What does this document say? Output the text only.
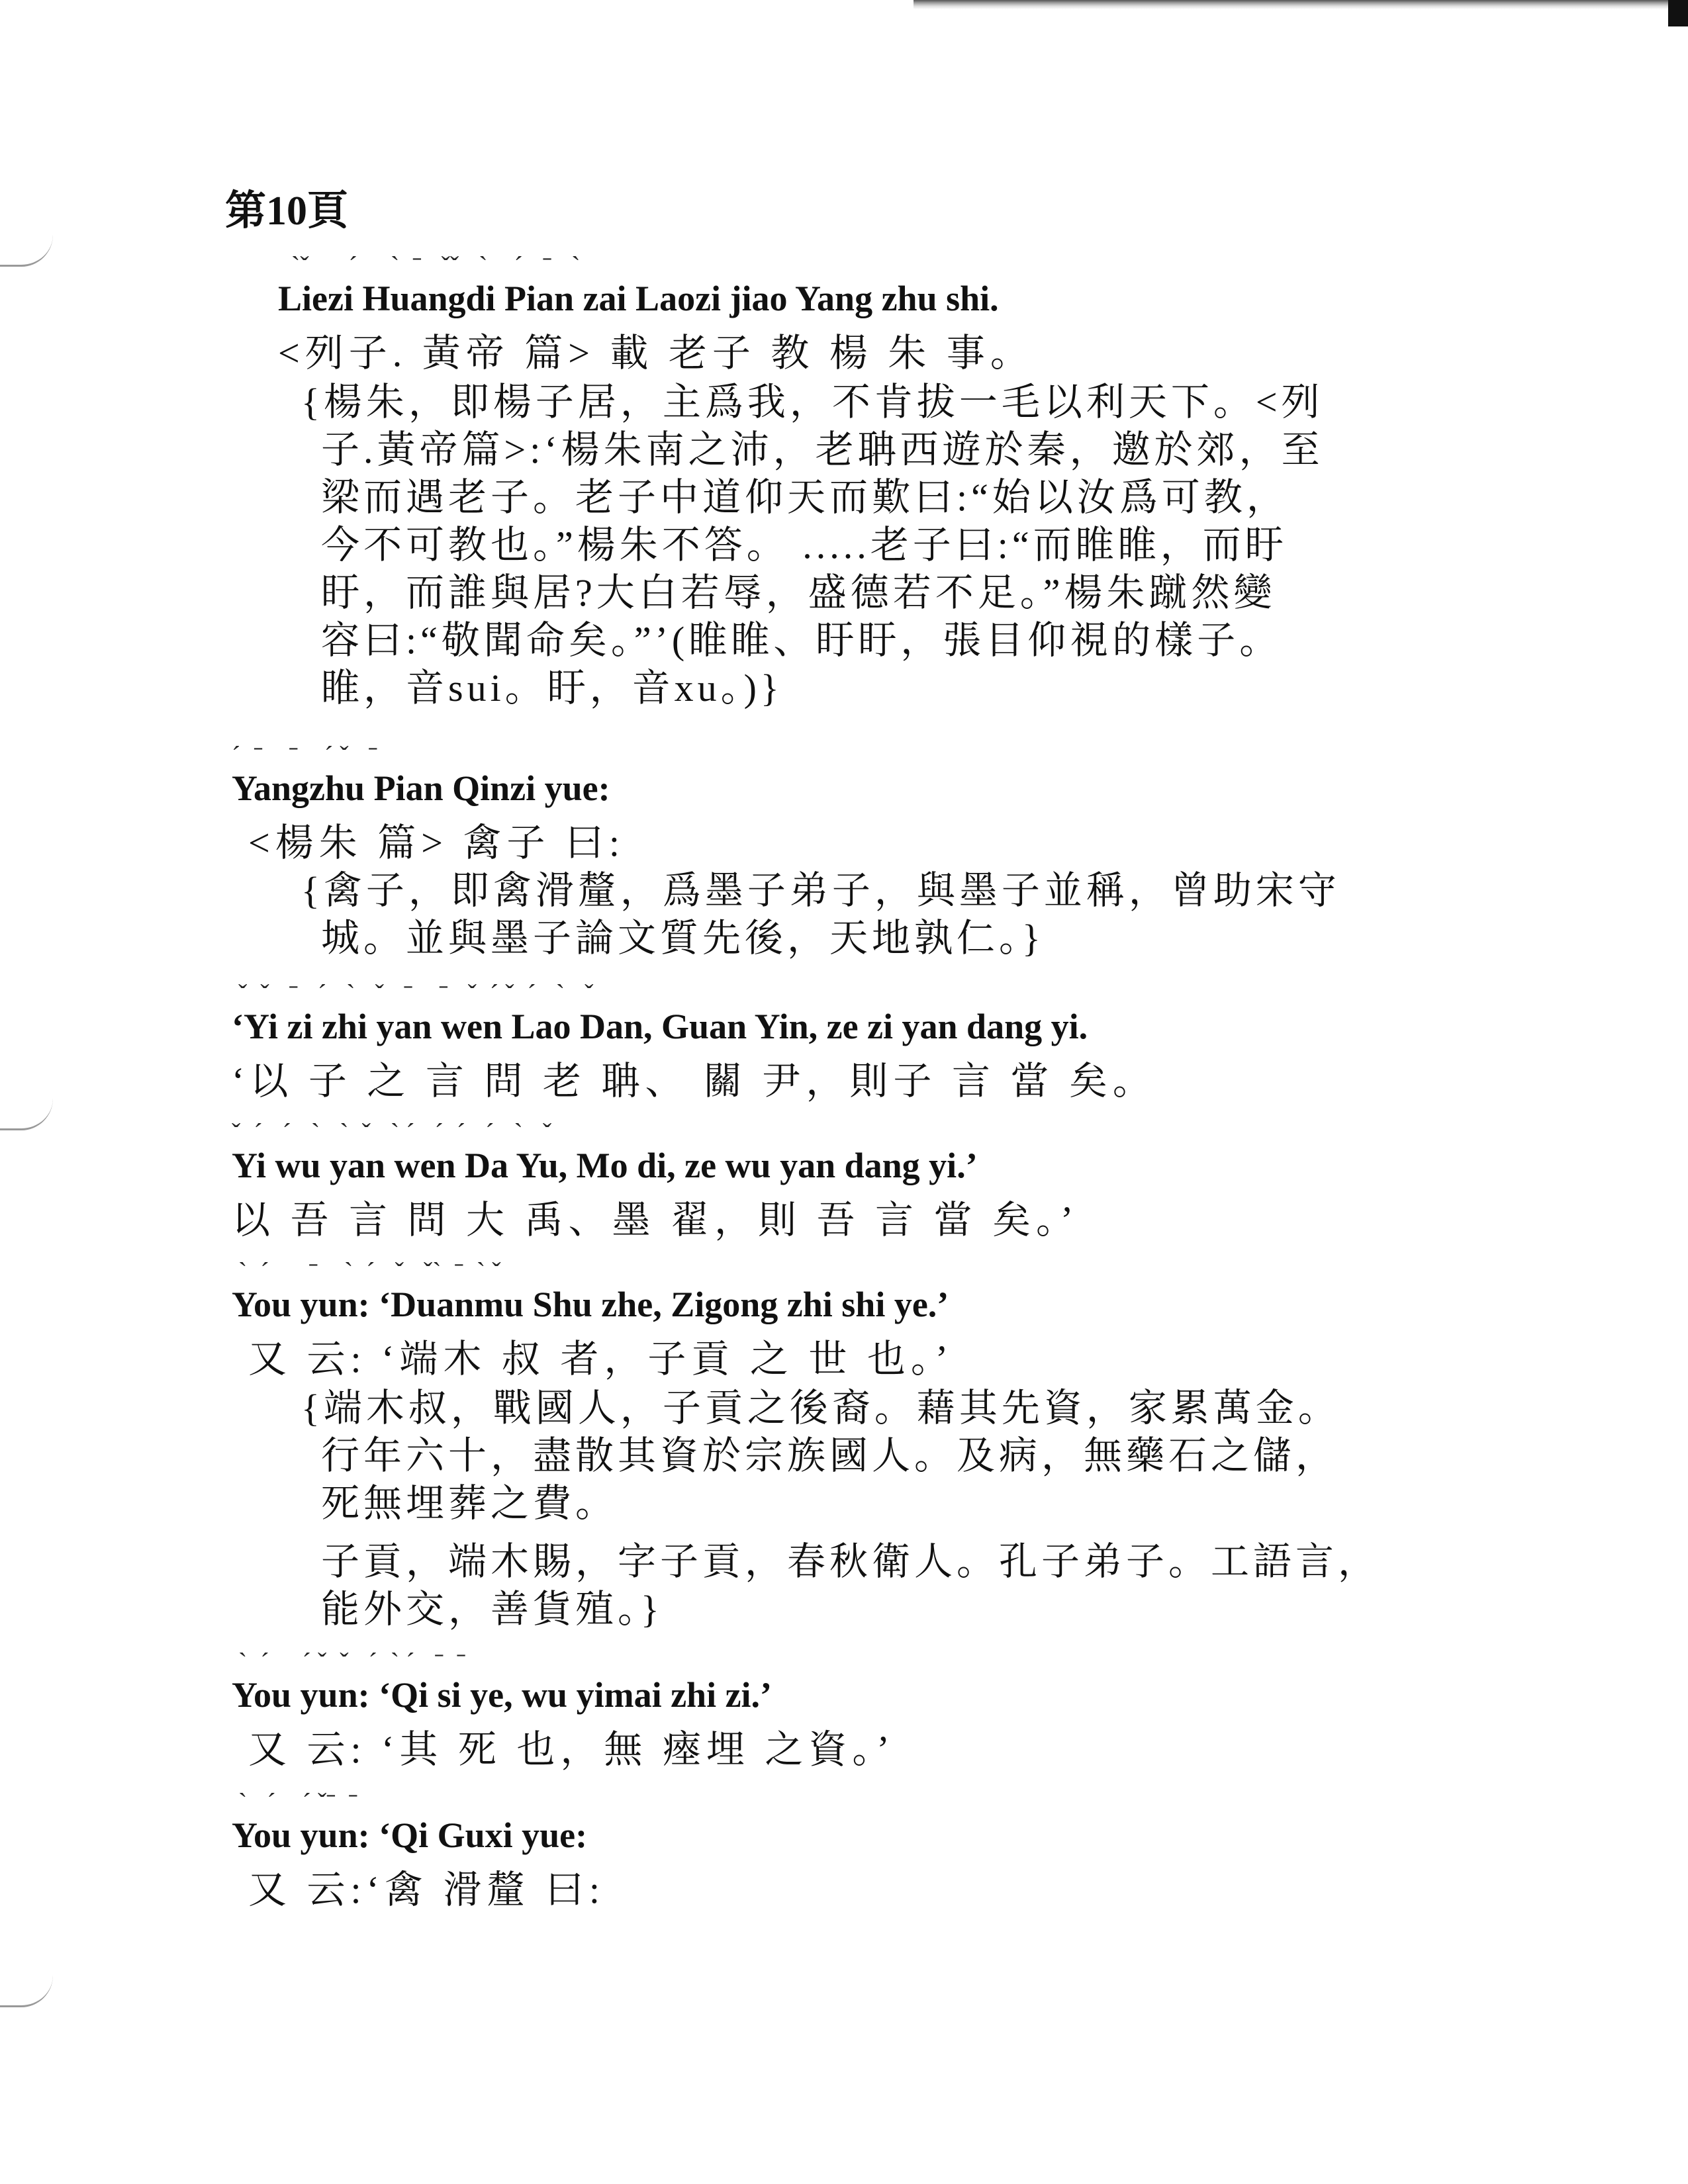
第10頁
ˋˇ      ˊ     ˋ  ˉ   ˇˇ   ˋ    ˊ   ˉ   ˋ
Liezi Huangdi Pian zai Laozi jiao Yang zhu shi.
<列子. 黃帝 篇> 載 老子 教 楊 朱 事。
{楊朱，即楊子居，主爲我，不肯拔一毛以利天下。<列
子.黃帝篇>:‘楊朱南之沛，老聃西遊於秦，邀於郊，至
梁而遇老子。老子中道仰天而歎曰:“始以汝爲可教，
今不可教也。”楊朱不答。 .....老子曰:“而睢睢，而盱
盱，而誰與居?大白若辱，盛德若不足。”楊朱蹴然變
容曰:“敬聞命矣。”’(睢睢、盱盱，張目仰視的樣子。
睢，音sui。盱，音xu。)}
ˊ  ˉ    ˉ    ˊ ˇ   ˉ
Yangzhu Pian Qinzi yue:
<楊朱 篇> 禽子 曰:
{禽子，即禽滑釐，爲墨子弟子，與墨子並稱，曾助宋守
城。並與墨子論文質先後，天地孰仁。}
ˇ  ˇ   ˉ   ˊ   ˋ   ˇ   ˉ    ˉ   ˇ  ˊ ˇ  ˊ   ˋ   ˇ
‘Yi zi zhi yan wen Lao Dan, Guan Yin, ze zi yan dang yi.
‘以 子 之 言 問 老 聃、 關 尹，則子 言 當 矣。
ˇ  ˊ   ˊ   ˋ   ˋ  ˇ   ˋ ˊ   ˊ  ˊ   ˊ   ˋ   ˇ
Yi wu yan wen Da Yu, Mo di, ze wu yan dang yi.’
以 吾 言 問 大 禹、墨 翟，則 吾 言 當 矣。’
ˋ  ˊ      ˉ    ˋ  ˊ   ˇ   ˇˋ  ˉ  ˋ ˇ
You yun: ‘Duanmu Shu zhe, Zigong zhi shi ye.’
又 云: ‘端木 叔 者，子貢 之 世 也。’
{端木叔，戰國人，子貢之後裔。藉其先資，家累萬金。
行年六十，盡散其資於宗族國人。及病，無藥石之儲，
死無埋葬之費。
子貢，端木賜，字子貢，春秋衛人。孔子弟子。工語言，
能外交，善貨殖。}
ˋ  ˊ     ˊ ˇ  ˇ   ˊ  ˋ ˊ   ˉ  ˉ
You yun: ‘Qi si ye, wu yimai zhi zi.’
又 云: ‘其 死 也，無 瘞埋 之資。’
ˋ   ˊ    ˊ ˇˉ  ˉ
You yun: ‘Qi Guxi yue:
又 云:‘禽 滑釐 曰:
